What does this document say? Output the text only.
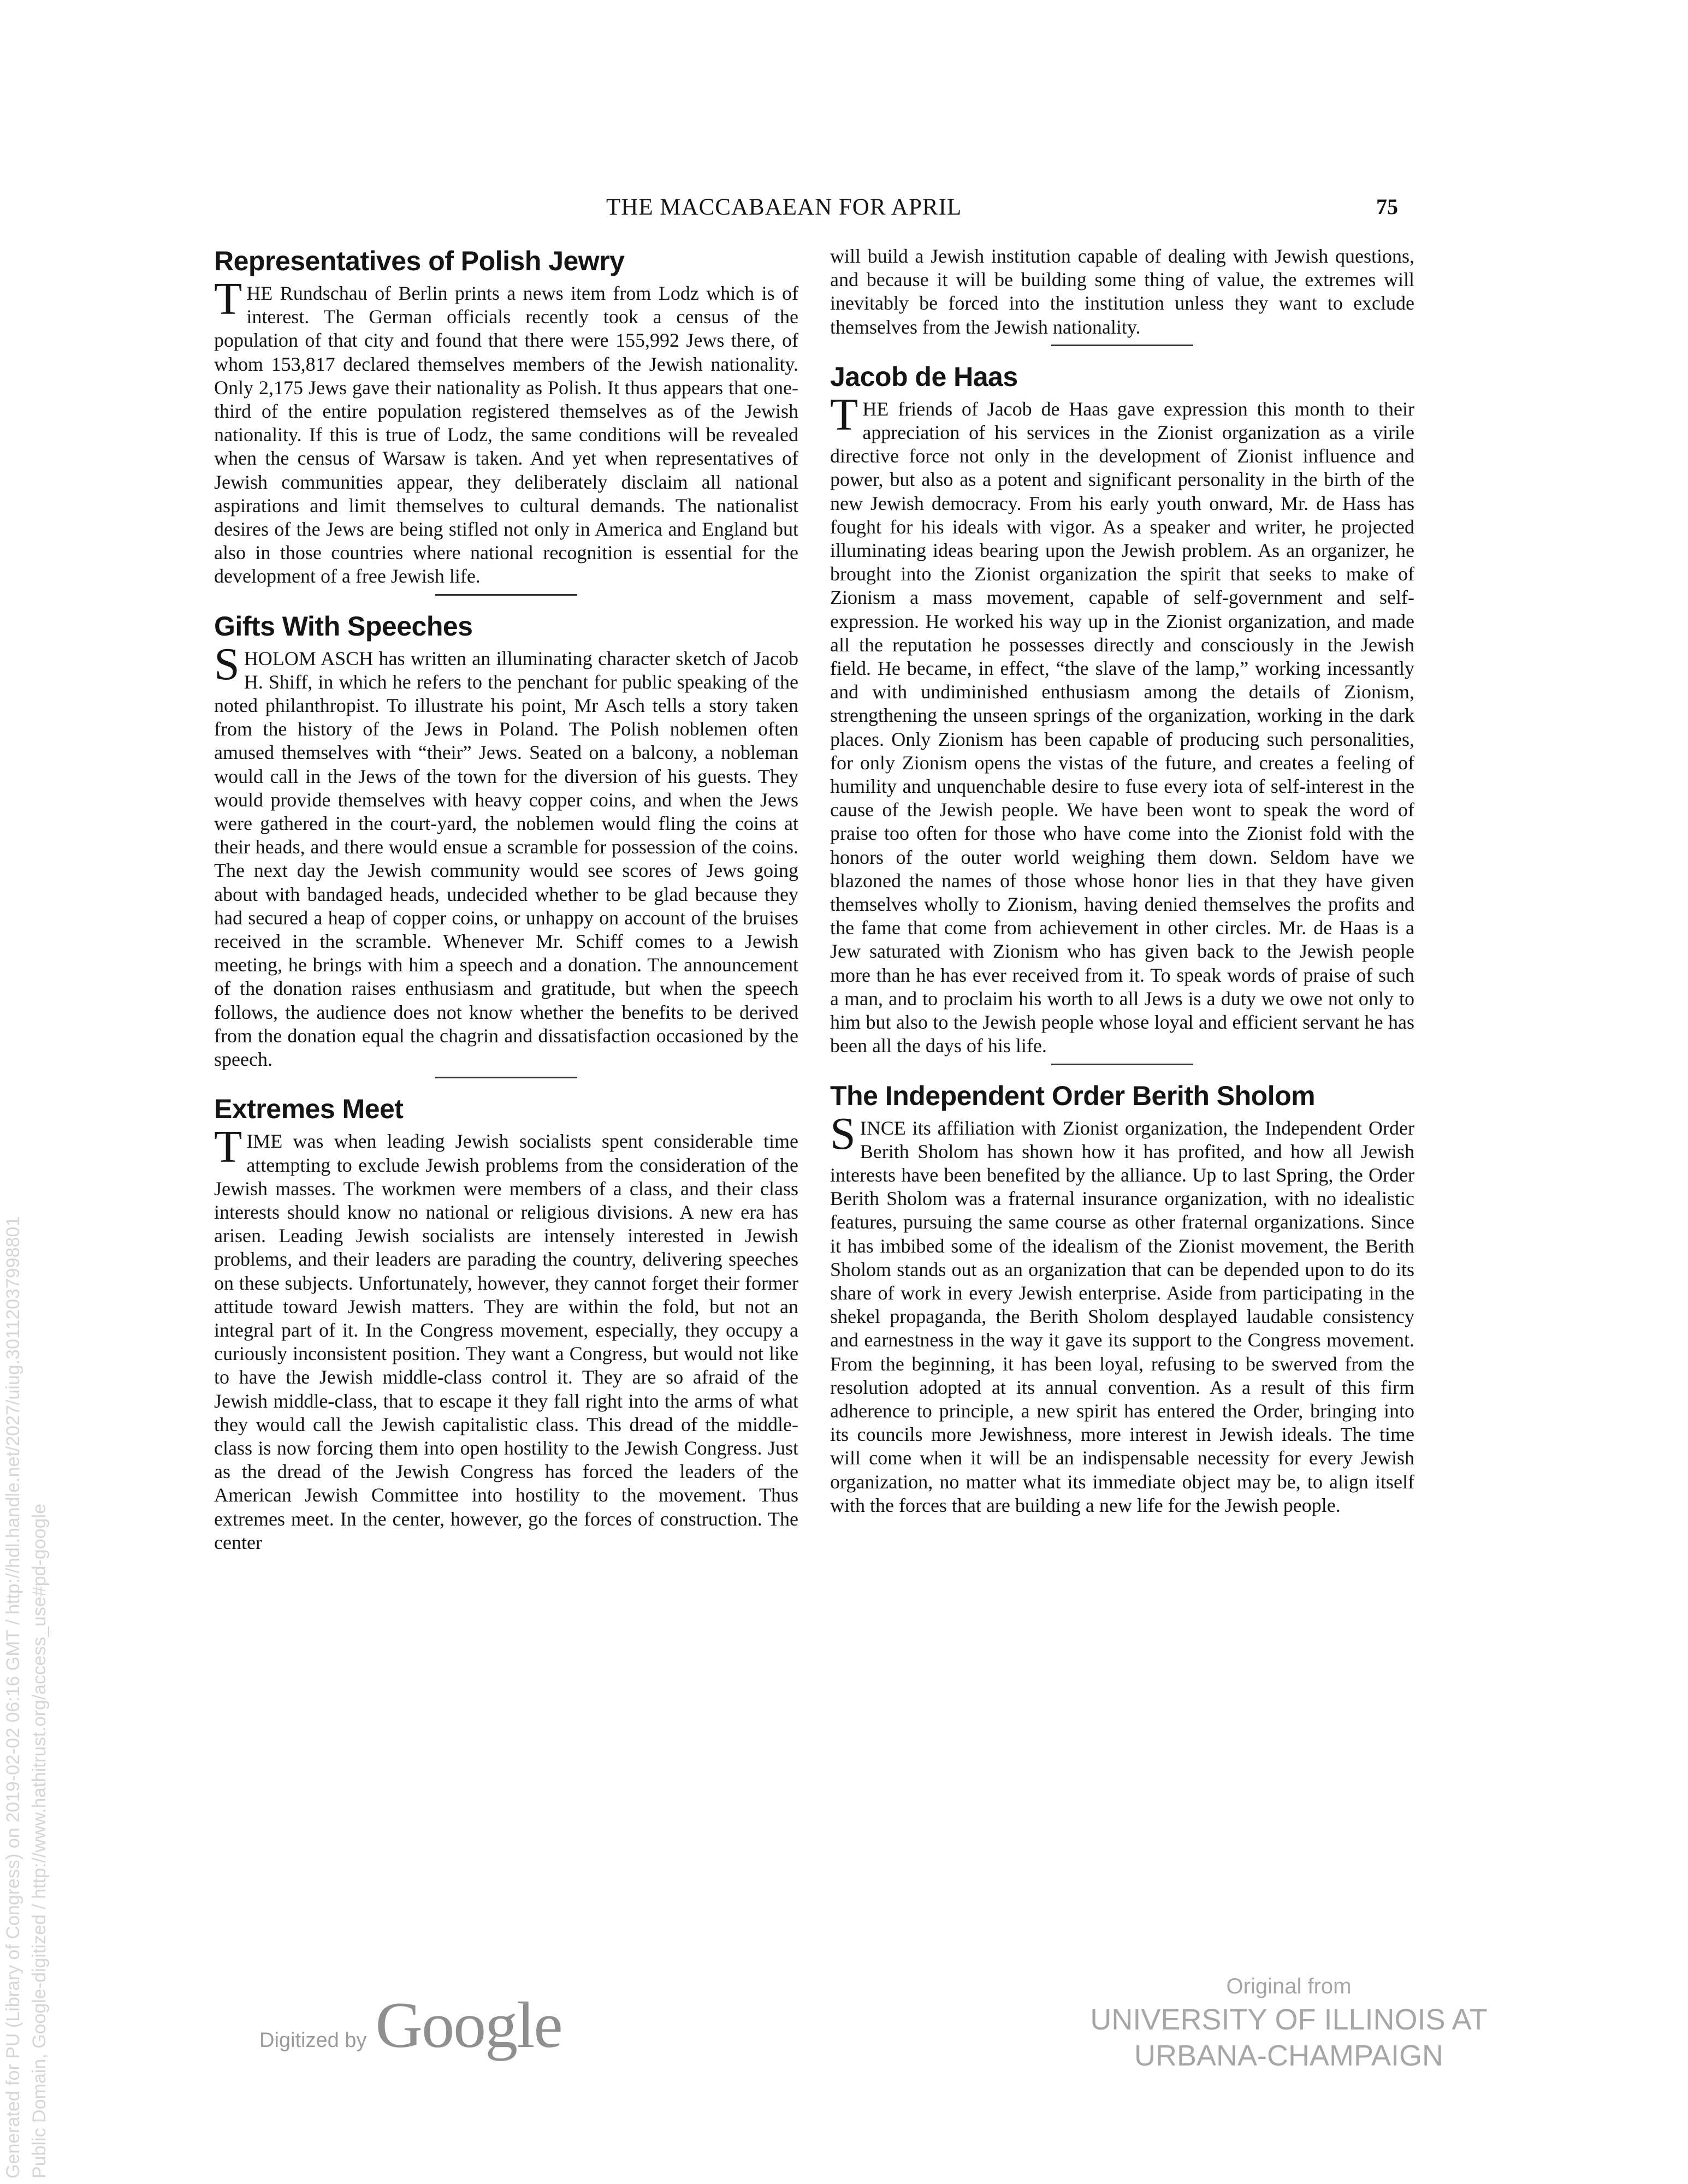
THE MACCABAEAN FOR APRIL	75
Representatives of Polish Jewry

THE Rundschau of Berlin prints a news item from Lodz which is of interest. The German officials recently took a census of the population of that city and found that there were 155,992 Jews there, of whom 153,817 declared themselves members of the Jewish nationality. Only 2,175 Jews gave their nationality as Polish. It thus appears that one-third of the entire population registered themselves as of the Jewish nationality. If this is true of Lodz, the same conditions will be revealed when the census of Warsaw is taken. And yet when representatives of Jewish communities appear, they deliberately disclaim all national aspirations and limit themselves to cultural demands. The nationalist desires of the Jews are being stifled not only in America and England but also in those countries where national recognition is essential for the development of a free Jewish life.

Gifts With Speeches

SHOLOM ASCH has written an illuminating character sketch of Jacob H. Shiff, in which he refers to the penchant for public speaking of the noted philanthropist. To illustrate his point, Mr Asch tells a story taken from the history of the Jews in Poland. The Polish noblemen often amused themselves with “their” Jews. Seated on a balcony, a nobleman would call in the Jews of the town for the diversion of his guests. They would provide themselves with heavy copper coins, and when the Jews were gathered in the court-yard, the noblemen would fling the coins at their heads, and there would ensue a scramble for possession of the coins. The next day the Jewish community would see scores of Jews going about with bandaged heads, undecided whether to be glad because they had secured a heap of copper coins, or unhappy on account of the bruises received in the scramble. Whenever Mr. Schiff comes to a Jewish meeting, he brings with him a speech and a donation. The announcement of the donation raises enthusiasm and gratitude, but when the speech follows, the audience does not know whether the benefits to be derived from the donation equal the chagrin and dissatisfaction occasioned by the speech.

Extremes Meet

TIME was when leading Jewish socialists spent considerable time attempting to exclude Jewish problems from the consideration of the Jewish masses. The workmen were members of a class, and their class interests should know no national or religious divisions. A new era has arisen. Leading Jewish socialists are intensely interested in Jewish problems, and their leaders are parading the country, delivering speeches on these subjects. Unfortunately, however, they cannot forget their former attitude toward Jewish matters. They are within the fold, but not an integral part of it. In the Congress movement, especially, they occupy a curiously inconsistent position. They want a Congress, but would not like to have the Jewish middle-class control it. They are so afraid of the Jewish middle-class, that to escape it they fall right into the arms of what they would call the Jewish capitalistic class. This dread of the middle-class is now forcing them into open hostility to the Jewish Congress. Just as the dread of the Jewish Congress has forced the leaders of the American Jewish Committee into hostility to the movement. Thus extremes meet. In the center, however, go the forces of construction. The center

will build a Jewish institution capable of dealing with Jewish questions, and because it will be building some thing of value, the extremes will inevitably be forced into the institution unless they want to exclude themselves from the Jewish nationality.

Jacob de Haas

THE friends of Jacob de Haas gave expression this month to their appreciation of his services in the Zionist organization as a virile directive force not only in the development of Zionist influence and power, but also as a potent and significant personality in the birth of the new Jewish democracy. From his early youth onward, Mr. de Hass has fought for his ideals with vigor. As a speaker and writer, he projected illuminating ideas bearing upon the Jewish problem. As an organizer, he brought into the Zionist organization the spirit that seeks to make of Zionism a mass movement, capable of self-government and self-expression. He worked his way up in the Zionist organization, and made all the reputation he possesses directly and consciously in the Jewish field. He became, in effect, “the slave of the lamp,” working incessantly and with undiminished enthusiasm among the details of Zionism, strengthening the unseen springs of the organization, working in the dark places. Only Zionism has been capable of producing such personalities, for only Zionism opens the vistas of the future, and creates a feeling of humility and unquenchable desire to fuse every iota of self-interest in the cause of the Jewish people. We have been wont to speak the word of praise too often for those who have come into the Zionist fold with the honors of the outer world weighing them down. Seldom have we blazoned the names of those whose honor lies in that they have given themselves wholly to Zionism, having denied themselves the profits and the fame that come from achievement in other circles. Mr. de Haas is a Jew saturated with Zionism who has given back to the Jewish people more than he has ever received from it. To speak words of praise of such a man, and to proclaim his worth to all Jews is a duty we owe not only to him but also to the Jewish people whose loyal and efficient servant he has been all the days of his life.

The Independent Order Berith Sholom

SINCE its affiliation with Zionist organization, the Independent Order Berith Sholom has shown how it has profited, and how all Jewish interests have been benefited by the alliance. Up to last Spring, the Order Berith Sholom was a fraternal insurance organization, with no idealistic features, pursuing the same course as other fraternal organizations. Since it has imbibed some of the idealism of the Zionist movement, the Berith Sholom stands out as an organization that can be depended upon to do its share of work in every Jewish enterprise. Aside from participating in the shekel propaganda, the Berith Sholom desplayed laudable consistency and earnestness in the way it gave its support to the Congress movement. From the beginning, it has been loyal, refusing to be swerved from the resolution adopted at its annual convention. As a result of this firm adherence to principle, a new spirit has entered the Order, bringing into its councils more Jewishness, more interest in Jewish ideals. The time will come when it will be an indispensable necessity for every Jewish organization, no matter what its immediate object may be, to align itself with the forces that are building a new life for the Jewish people.

Generated for PU (Library of Congress) on 2019-02-02 06:16 GMT / http://hdl.handle.net/2027/uiug.30112037998801 Public Domain, Google-digitized / http://www.hathitrust.org/access_use#pd-google	Digitized by Google
Original from
UNIVERSITY OF ILLINOIS AT
URBANA-CHAMPAIGN
